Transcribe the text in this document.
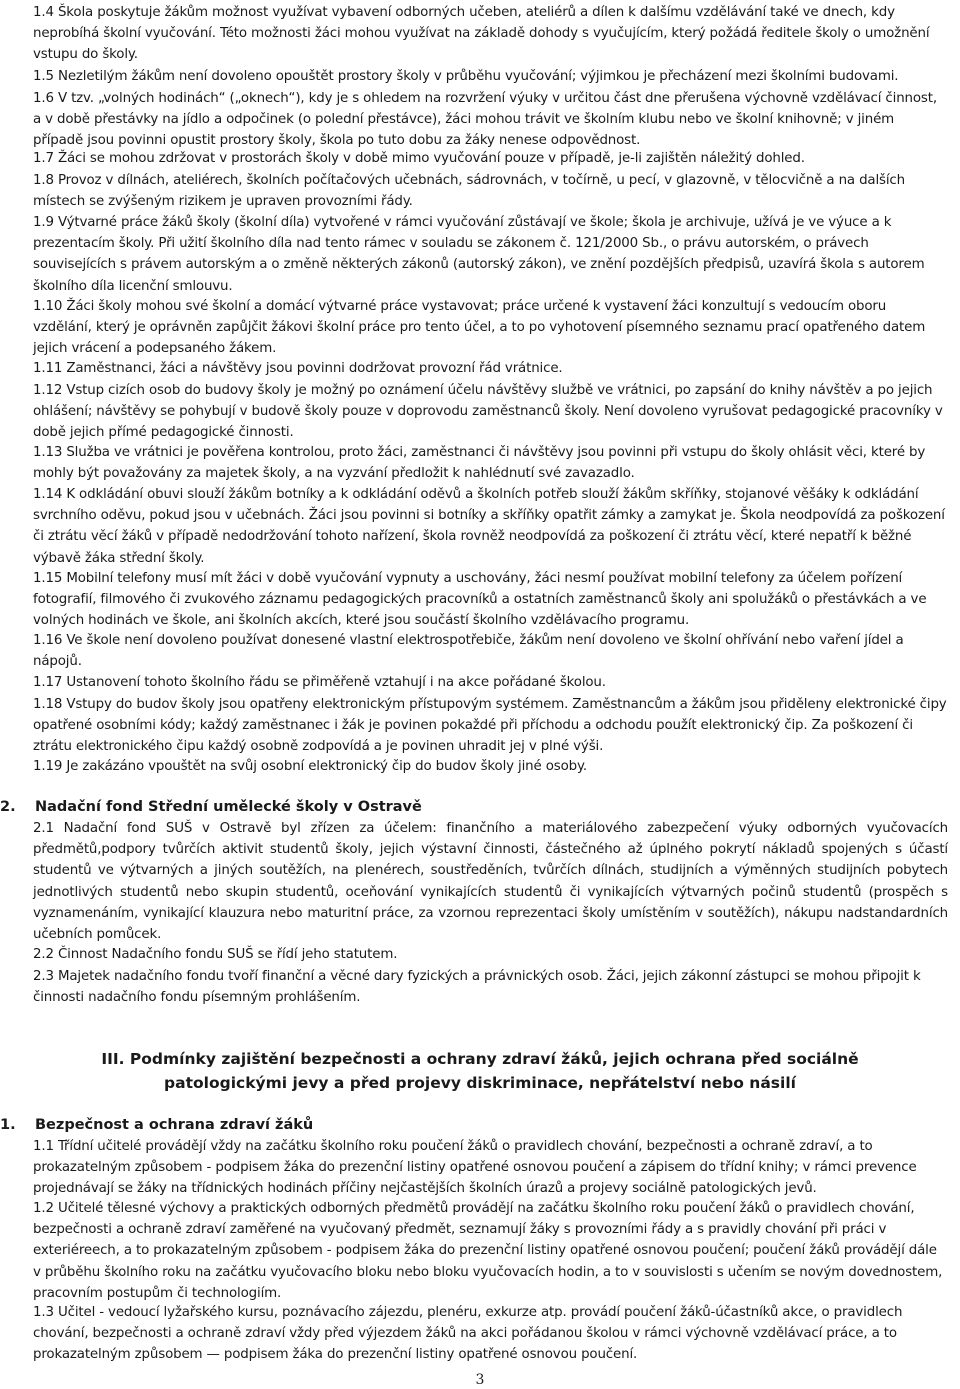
1.4 Škola poskytuje žákům možnost využívat vybavení odborných učeben, ateliérů a dílen k dalšímu vzdělávání také ve dnech, kdy neprobíhá školní vyučování. Této možnosti žáci mohou využívat na základě dohody s vyučujícím, který požádá ředitele školy o umožnění vstupu do školy.

1.5 Nezletilým žákům není dovoleno opouštět prostory školy v průběhu vyučování; výjimkou je přecházení mezi školními budovami.

1.6 V tzv. „volných hodinách“ („oknech“), kdy je s ohledem na rozvržení výuky v určitou část dne přerušena výchovně vzdělávací činnost, a v době přestávky na jídlo a odpočinek (o polední přestávce), žáci mohou trávit ve školním klubu nebo ve školní knihovně; v jiném případě jsou povinni opustit prostory školy, škola po tuto dobu za žáky nenese odpovědnost.

1.7 Žáci se mohou zdržovat v prostorách školy v době mimo vyučování pouze v případě, je-li zajištěn náležitý dohled.

1.8 Provoz v dílnách, ateliérech, školních počítačových učebnách, sádrovnách, v točírně, u pecí, v glazovně, v tělocvičně a na dalších místech se zvýšeným rizikem je upraven provozními řády.

1.9 Výtvarné práce žáků školy (školní díla) vytvořené v rámci vyučování zůstávají ve škole; škola je archivuje, užívá je ve výuce a k prezentacím školy. Při užití školního díla nad tento rámec v souladu se zákonem č. 121/2000 Sb., o právu autorském, o právech souvisejících s právem autorským a o změně některých zákonů (autorský zákon), ve znění pozdějších předpisů, uzavírá škola s autorem školního díla licenční smlouvu.

1.10 Žáci školy mohou své školní a domácí výtvarné práce vystavovat; práce určené k vystavení žáci konzultují s vedoucím oboru vzdělání, který je oprávněn zapůjčit žákovi školní práce pro tento účel, a to po vyhotovení písemného seznamu prací opatřeného datem jejich vrácení a podepsaného žákem.

1.11 Zaměstnanci, žáci a návštěvy jsou povinni dodržovat provozní řád vrátnice.

1.12 Vstup cizích osob do budovy školy je možný po oznámení účelu návštěvy službě ve vrátnici, po zapsání do knihy návštěv a po jejich ohlášení; návštěvy se pohybují v budově školy pouze v doprovodu zaměstnanců školy. Není dovoleno vyrušovat pedagogické pracovníky v době jejich přímé pedagogické činnosti.

1.13 Služba ve vrátnici je pověřena kontrolou, proto žáci, zaměstnanci či návštěvy jsou povinni při vstupu do školy ohlásit věci, které by mohly být považovány za majetek školy, a na vyzvání předložit k nahlédnutí své zavazadlo.

1.14 K odkládání obuvi slouží žákům botníky a k odkládání oděvů a školních potřeb slouží žákům skříňky, stojanové věšáky k odkládání svrchního oděvu, pokud jsou v učebnách. Žáci jsou povinni si botníky a skříňky opatřit zámky a zamykat je. Škola neodpovídá za poškození či ztrátu věcí žáků v případě nedodržování tohoto nařízení, škola rovněž neodpovídá za poškození či ztrátu věcí, které nepatří k běžné výbavě žáka střední školy.

1.15 Mobilní telefony musí mít žáci v době vyučování vypnuty a uschovány, žáci nesmí používat mobilní telefony za účelem pořízení fotografií, filmového či zvukového záznamu pedagogických pracovníků a ostatních zaměstnanců školy ani spolužáků o přestávkách a ve volných hodinách ve škole, ani školních akcích, které jsou součástí školního vzdělávacího programu.

1.16 Ve škole není dovoleno používat donesené vlastní elektrospotřebiče, žákům není dovoleno ve školní ohřívání nebo vaření jídel a nápojů.

1.17 Ustanovení tohoto školního řádu se přiměřeně vztahují i na akce pořádané školou.

1.18 Vstupy do budov školy jsou opatřeny elektronickým přístupovým systémem. Zaměstnancům a žákům jsou přiděleny elektronické čipy opatřené osobními kódy; každý zaměstnanec i žák je povinen pokaždé při příchodu a odchodu použít elektronický čip. Za poškození či ztrátu elektronického čipu každý osobně zodpovídá a je povinen uhradit jej v plné výši.

1.19 Je zakázáno vpouštět na svůj osobní elektronický čip do budov školy jiné osoby.

2. Nadační fond Střední umělecké školy v Ostravě

2.1 Nadační fond SUŠ v Ostravě byl zřízen za účelem: finančního a materiálového zabezpečení výuky odborných vyučovacích předmětů,podpory tvůrčích aktivit studentů školy, jejich výstavní činnosti, částečného až úplného pokrytí nákladů spojených s účastí studentů ve výtvarných a jiných soutěžích, na plenérech, soustředěních, tvůrčích dílnách, studijních a výměnných studijních pobytech jednotlivých studentů nebo skupin studentů, oceňování vynikajících studentů či vynikajících výtvarných počinů studentů (prospěch s vyznamenáním, vynikající klauzura nebo maturitní práce, za vzornou reprezentaci školy umístěním v soutěžích), nákupu nadstandardních učebních pomůcek.

2.2 Činnost Nadačního fondu SUŠ se řídí jeho statutem.

2.3 Majetek nadačního fondu tvoří finanční a věcné dary fyzických a právnických osob. Žáci, jejich zákonní zástupci se mohou připojit k činnosti nadačního fondu písemným prohlášením.

III. Podmínky zajištění bezpečnosti a ochrany zdraví žáků, jejich ochrana před sociálně
patologickými jevy a před projevy diskriminace, nepřátelství nebo násilí
1. Bezpečnost a ochrana zdraví žáků

1.1 Třídní učitelé provádějí vždy na začátku školního roku poučení žáků o pravidlech chování, bezpečnosti a ochraně zdraví, a to prokazatelným způsobem - podpisem žáka do prezenční listiny opatřené osnovou poučení a zápisem do třídní knihy; v rámci prevence projednávají se žáky na třídnických hodinách příčiny nejčastějších školních úrazů a projevy sociálně patologických jevů.

1.2 Učitelé tělesné výchovy a praktických odborných předmětů provádějí na začátku školního roku poučení žáků o pravidlech chování, bezpečnosti a ochraně zdraví zaměřené na vyučovaný předmět, seznamují žáky s provozními řády a s pravidly chování při práci v exteriéreech, a to prokazatelným způsobem - podpisem žáka do prezenční listiny opatřené osnovou poučení; poučení žáků provádějí dále v průběhu školního roku na začátku vyučovacího bloku nebo bloku vyučovacích hodin, a to v souvislosti s učením se novým dovednostem, pracovním postupům či technologiím.

1.3 Učitel - vedoucí lyžařského kursu, poznávacího zájezdu, plenéru, exkurze atp. provádí poučení žáků-účastníků akce, o pravidlech chování, bezpečnosti a ochraně zdraví vždy před výjezdem žáků na akci pořádanou školou v rámci výchovně vzdělávací práce, a to prokazatelným způsobem — podpisem žáka do prezenční listiny opatřené osnovou poučení.

3
